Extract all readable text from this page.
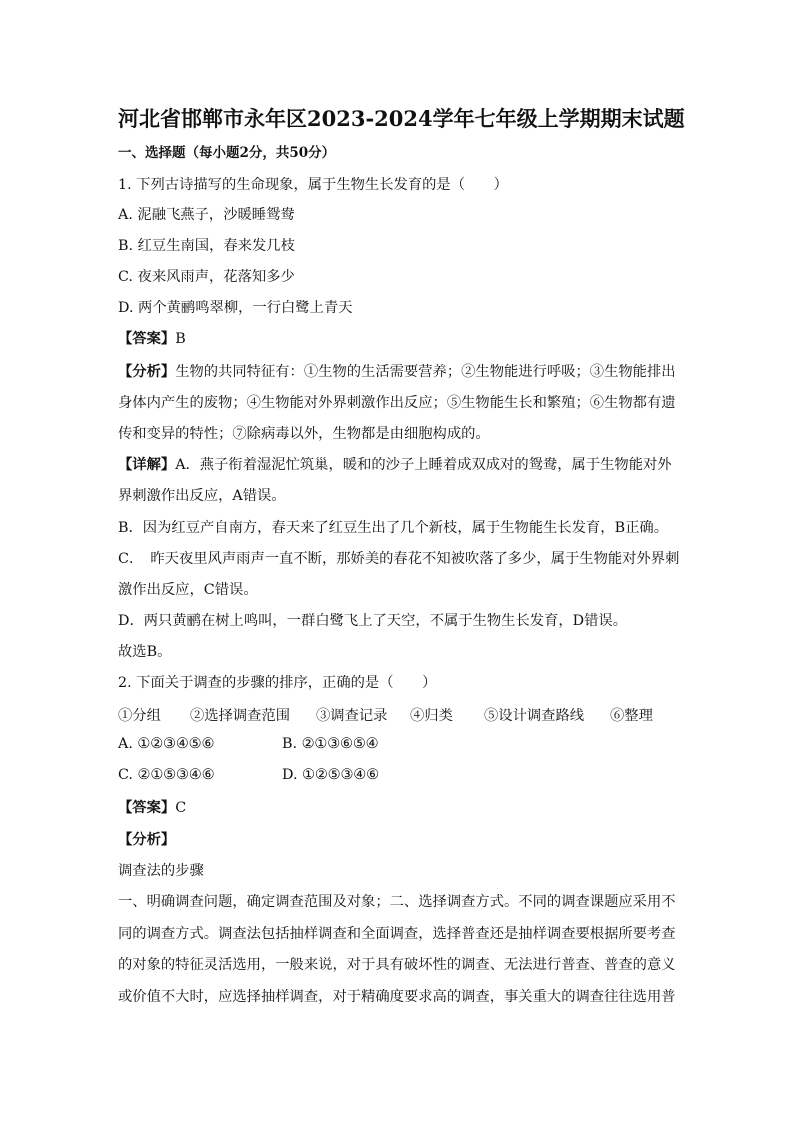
河北省邯郸市永年区2023-2024学年七年级上学期期末试题
一、选择题（每小题2分，共50分）
1. 下列古诗描写的生命现象，属于生物生长发育的是（　　）
A. 泥融飞燕子，沙暖睡鸳鸯
B. 红豆生南国，春来发几枝
C. 夜来风雨声，花落知多少
D. 两个黄鹂鸣翠柳，一行白鹭上青天
【答案】B
【分析】生物的共同特征有：①生物的生活需要营养；②生物能进行呼吸；③生物能排出
身体内产生的废物；④生物能对外界刺激作出反应；⑤生物能生长和繁殖；⑥生物都有遗
传和变异的特性；⑦除病毒以外，生物都是由细胞构成的。
【详解】A．燕子衔着湿泥忙筑巢，暖和的沙子上睡着成双成对的鸳鸯，属于生物能对外
界刺激作出反应，A错误。
B．因为红豆产自南方，春天来了红豆生出了几个新枝，属于生物能生长发育，B正确。
C．　昨天夜里风声雨声一直不断，那娇美的春花不知被吹落了多少，属于生物能对外界刺
激作出反应，C错误。
D．两只黄鹂在树上鸣叫，一群白鹭飞上了天空，不属于生物生长发育，D错误。
故选B。
2. 下面关于调查的步骤的排序，正确的是（　　）
①分组 ②选择调查范围 ③调查记录 ④归类 ⑤设计调查路线 ⑥整理
A. ①②③④⑤⑥	B. ②①③⑥⑤④
C. ②①⑤③④⑥	D. ①②⑤③④⑥
【答案】C
【分析】
调查法的步骤
一、明确调查问题，确定调查范围及对象；二、选择调查方式。不同的调查课题应采用不
同的调查方式。调查法包括抽样调查和全面调查，选择普查还是抽样调查要根据所要考查
的对象的特征灵活选用，一般来说，对于具有破坏性的调查、无法进行普查、普查的意义
或价值不大时，应选择抽样调查，对于精确度要求高的调查，事关重大的调查往往选用普
